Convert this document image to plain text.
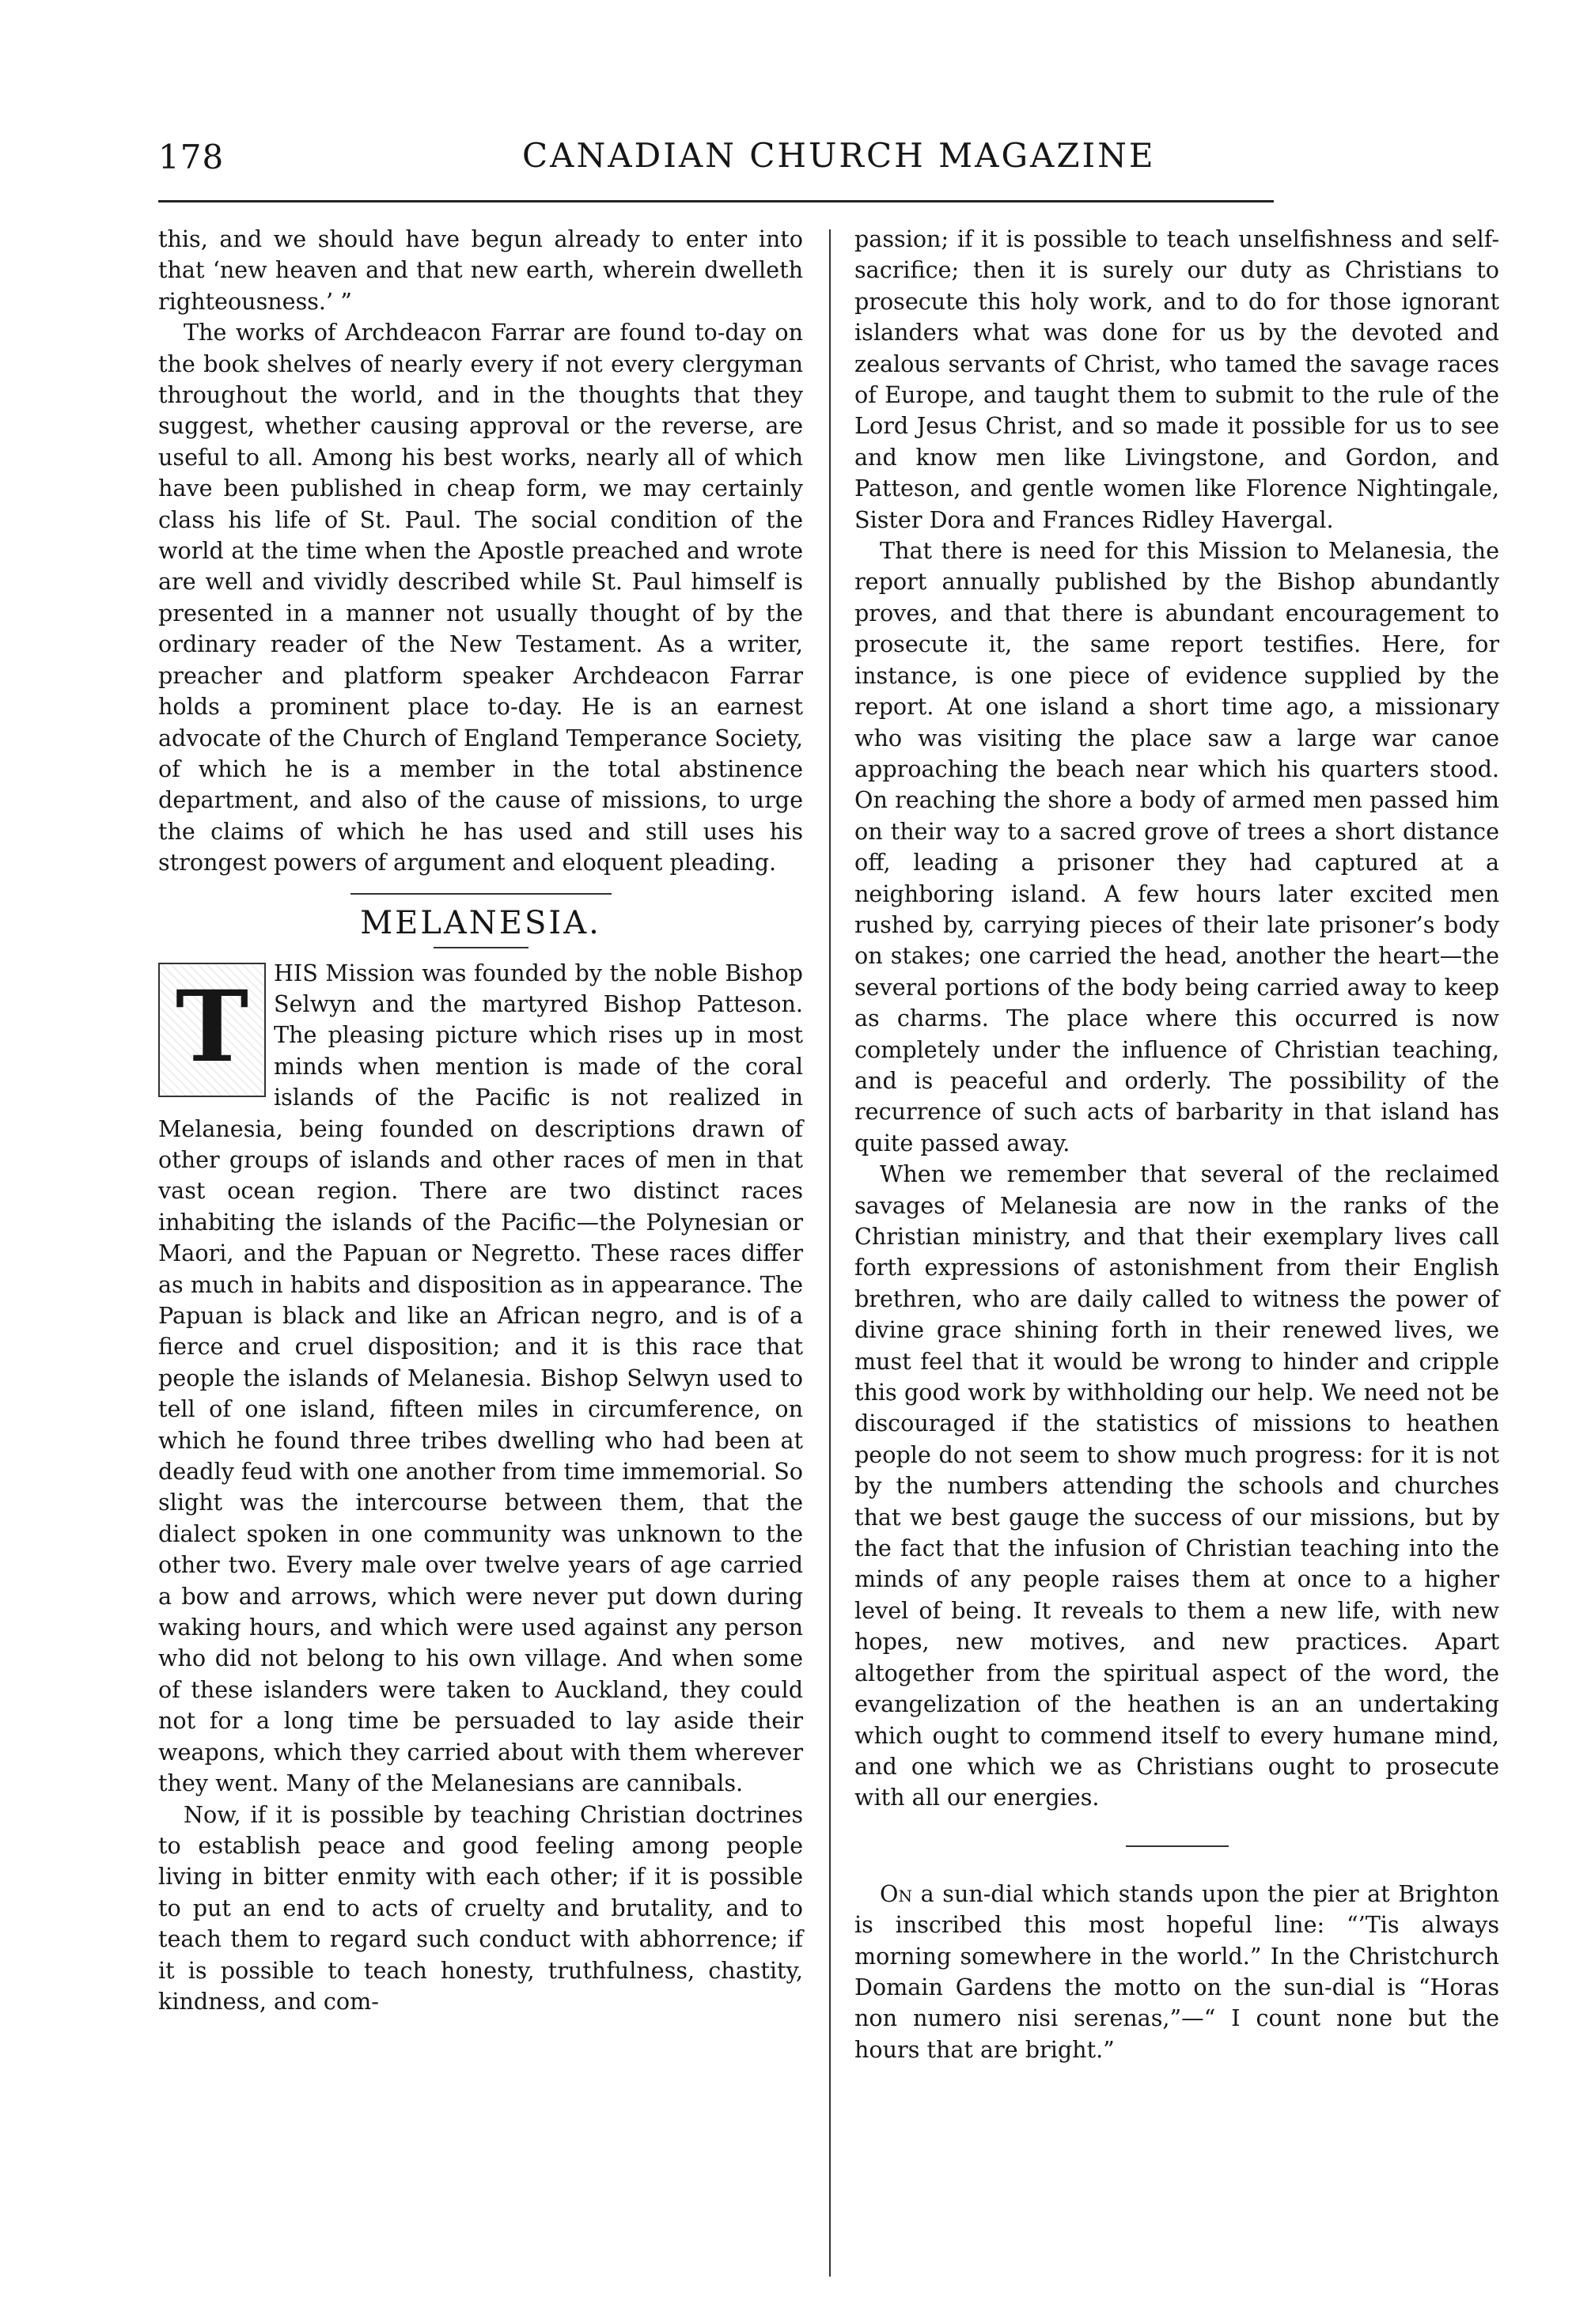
178	CANADIAN CHURCH MAGAZINE

this, and we should have begun already to enter into that ‘new heaven and that new earth, wherein dwelleth righteousness.’ ”

The works of Archdeacon Farrar are found to-day on the book shelves of nearly every if not every clergyman throughout the world, and in the thoughts that they suggest, whether causing approval or the reverse, are useful to all. Among his best works, nearly all of which have been published in cheap form, we may certainly class his life of St. Paul. The social condition of the world at the time when the Apostle preached and wrote are well and vividly described while St. Paul himself is presented in a manner not usually thought of by the ordinary reader of the New Testament. As a writer, preacher and platform speaker Archdeacon Farrar holds a prominent place to-day. He is an earnest advocate of the Church of England Temperance Society, of which he is a member in the total abstinence department, and also of the cause of missions, to urge the claims of which he has used and still uses his strongest powers of argument and eloquent pleading.

MELANESIA.

T	HIS Mission was founded by the noble Bishop Selwyn and the martyred Bishop Patteson. The pleasing picture which rises up in most minds when mention is made of the coral islands of the Pacific is not realized in Melanesia, being founded on descriptions drawn of other groups of islands and other races of men in that vast ocean region. There are two distinct races inhabiting the islands of the Pacific—the Polynesian or Maori, and the Papuan or Negretto. These races differ as much in habits and disposition as in appearance. The Papuan is black and like an African negro, and is of a fierce and cruel disposition; and it is this race that people the islands of Melanesia. Bishop Selwyn used to tell of one island, fifteen miles in circumference, on which he found three tribes dwelling who had been at deadly feud with one another from time immemorial. So slight was the intercourse between them, that the dialect spoken in one community was unknown to the other two. Every male over twelve years of age carried a bow and arrows, which were never put down during waking hours, and which were used against any person who did not belong to his own village. And when some of these islanders were taken to Auckland, they could not for a long time be persuaded to lay aside their weapons, which they carried about with them wherever they went. Many of the Melanesians are cannibals.

Now, if it is possible by teaching Christian doctrines to establish peace and good feeling among people living in bitter enmity with each other; if it is possible to put an end to acts of cruelty and brutality, and to teach them to regard such conduct with abhorrence; if it is possible to teach honesty, truthfulness, chastity, kindness, and com-

passion; if it is possible to teach unselfishness and self-sacrifice; then it is surely our duty as Christians to prosecute this holy work, and to do for those ignorant islanders what was done for us by the devoted and zealous servants of Christ, who tamed the savage races of Europe, and taught them to submit to the rule of the Lord Jesus Christ, and so made it possible for us to see and know men like Livingstone, and Gordon, and Patteson, and gentle women like Florence Nightingale, Sister Dora and Frances Ridley Havergal.

That there is need for this Mission to Melanesia, the report annually published by the Bishop abundantly proves, and that there is abundant encouragement to prosecute it, the same report testifies. Here, for instance, is one piece of evidence supplied by the report. At one island a short time ago, a missionary who was visiting the place saw a large war canoe approaching the beach near which his quarters stood. On reaching the shore a body of armed men passed him on their way to a sacred grove of trees a short distance off, leading a prisoner they had captured at a neighboring island. A few hours later excited men rushed by, carrying pieces of their late prisoner’s body on stakes; one carried the head, another the heart—the several portions of the body being carried away to keep as charms. The place where this occurred is now completely under the influence of Christian teaching, and is peaceful and orderly. The possibility of the recurrence of such acts of barbarity in that island has quite passed away.

When we remember that several of the reclaimed savages of Melanesia are now in the ranks of the Christian ministry, and that their exemplary lives call forth expressions of astonishment from their English brethren, who are daily called to witness the power of divine grace shining forth in their renewed lives, we must feel that it would be wrong to hinder and cripple this good work by withholding our help. We need not be discouraged if the statistics of missions to heathen people do not seem to show much progress: for it is not by the numbers attending the schools and churches that we best gauge the success of our missions, but by the fact that the infusion of Christian teaching into the minds of any people raises them at once to a higher level of being. It reveals to them a new life, with new hopes, new motives, and new practices. Apart altogether from the spiritual aspect of the word, the evangelization of the heathen is an an undertaking which ought to commend itself to every humane mind, and one which we as Christians ought to prosecute with all our energies.

On a sun-dial which stands upon the pier at Brighton is inscribed this most hopeful line: “’Tis always morning somewhere in the world.” In the Christchurch Domain Gardens the motto on the sun-dial is “Horas non numero nisi serenas,”—“ I count none but the hours that are bright.”
